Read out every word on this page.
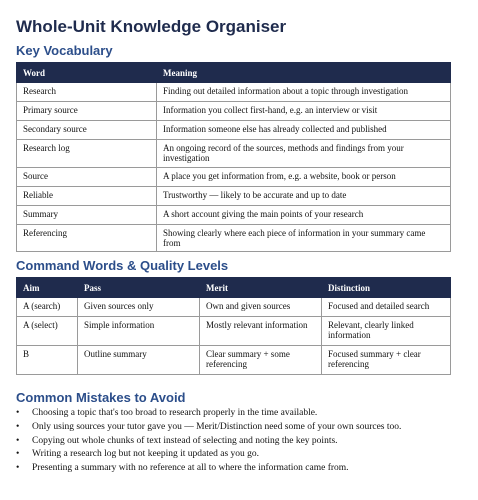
Whole-Unit Knowledge Organiser
Key Vocabulary
Word	Meaning
Research	Finding out detailed information about a topic through investigation
Primary source	Information you collect first-hand, e.g. an interview or visit
Secondary source	Information someone else has already collected and published
Research log	An ongoing record of the sources, methods and findings from your investigation
Source	A place you get information from, e.g. a website, book or person
Reliable	Trustworthy — likely to be accurate and up to date
Summary	A short account giving the main points of your research
Referencing	Showing clearly where each piece of information in your summary came from
Command Words & Quality Levels
Aim	Pass	Merit	Distinction
A (search)	Given sources only	Own and given sources	Focused and detailed search
A (select)	Simple information	Mostly relevant information	Relevant, clearly linked information
B	Outline summary	Clear summary + some referencing	Focused summary + clear referencing
Common Mistakes to Avoid
• Choosing a topic that's too broad to research properly in the time available.
• Only using sources your tutor gave you — Merit/Distinction need some of your own sources too.
• Copying out whole chunks of text instead of selecting and noting the key points.
• Writing a research log but not keeping it updated as you go.
• Presenting a summary with no reference at all to where the information came from.
